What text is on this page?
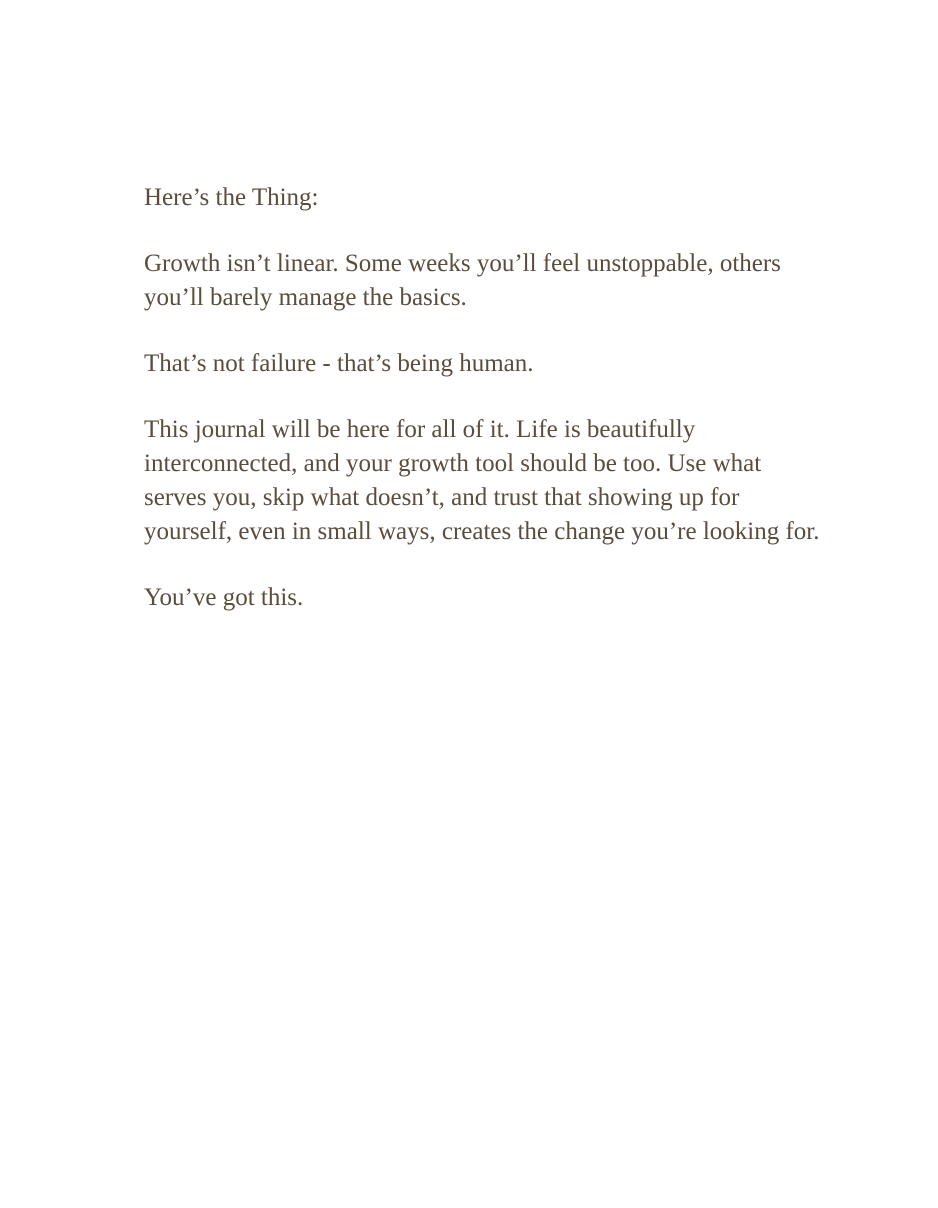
Here’s the Thing:

Growth isn’t linear. Some weeks you’ll feel unstoppable, others you’ll barely manage the basics.

That’s not failure - that’s being human.

This journal will be here for all of it. Life is beautifully interconnected, and your growth tool should be too. Use what serves you, skip what doesn’t, and trust that showing up for yourself, even in small ways, creates the change you’re looking for.

You’ve got this.
